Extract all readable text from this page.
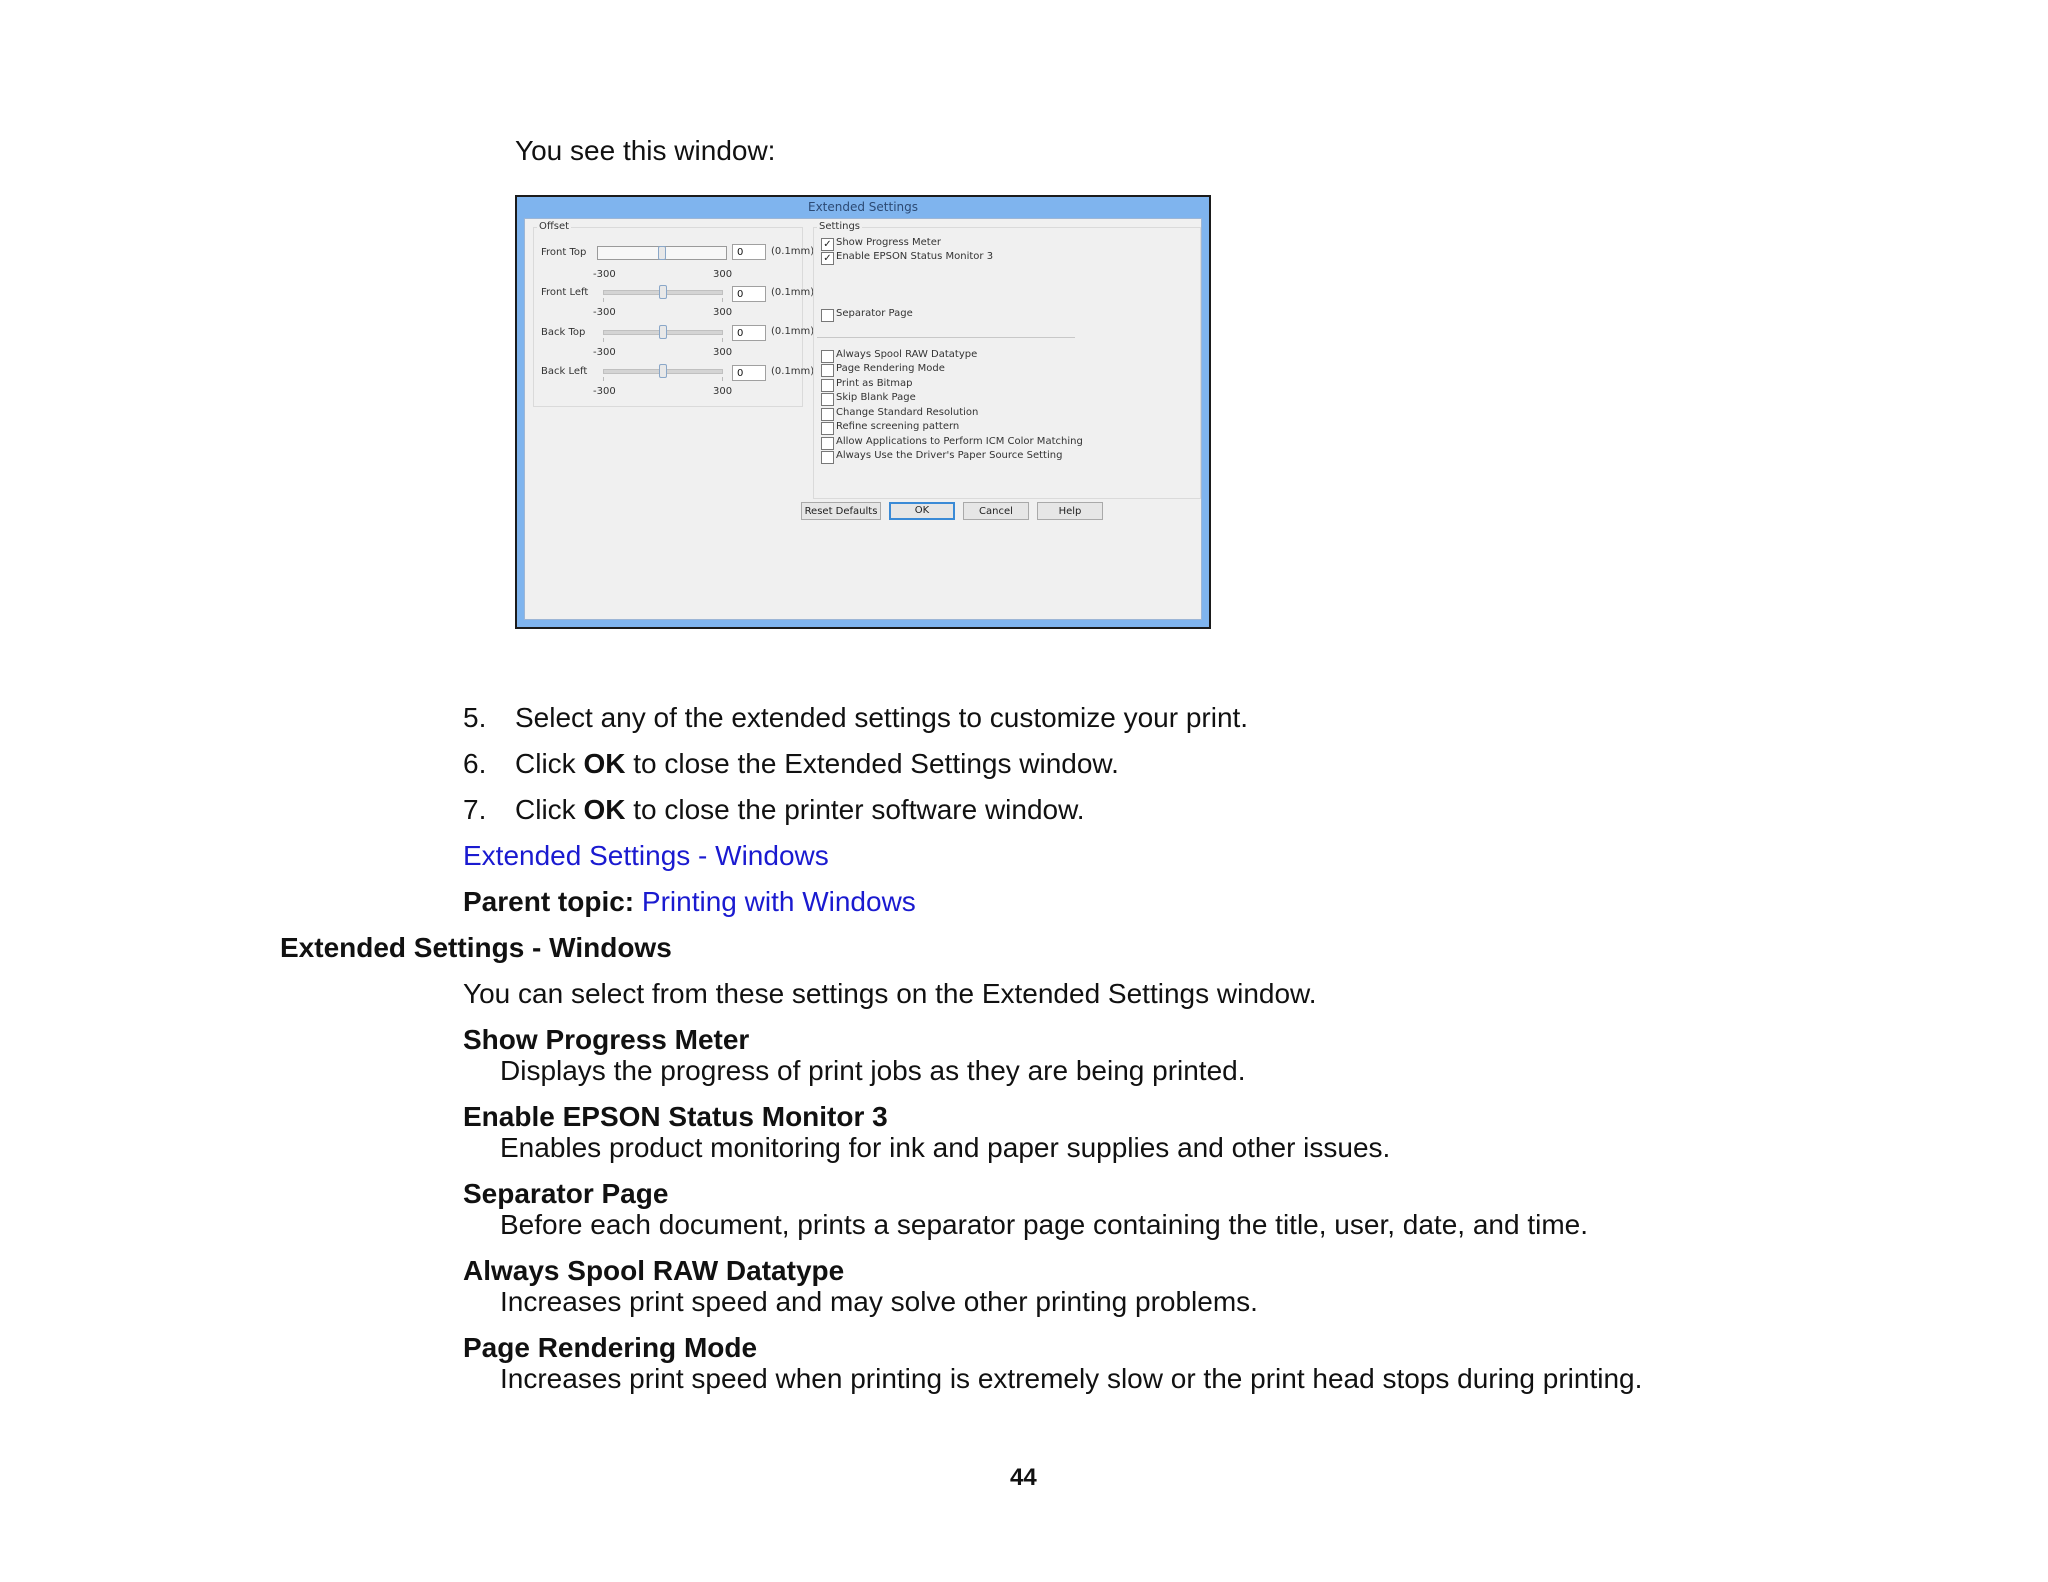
You see this window:
Extended Settings
Offset
Front Top	0	(0.1mm)
-300	300
Front Left	0	(0.1mm)
-300	300
Back Top	0	(0.1mm)
-300	300
Back Left	0	(0.1mm)
-300	300
Settings
✓ Show Progress Meter
✓ Enable EPSON Status Monitor 3
Separator Page
Always Spool RAW Datatype
Page Rendering Mode
Print as Bitmap
Skip Blank Page
Change Standard Resolution
Refine screening pattern
Allow Applications to Perform ICM Color Matching
Always Use the Driver's Paper Source Setting
Reset Defaults	OK	Cancel	Help
5. Select any of the extended settings to customize your print.
6. Click OK to close the Extended Settings window.
7. Click OK to close the printer software window.
Extended Settings - Windows
Parent topic: Printing with Windows
Extended Settings - Windows
You can select from these settings on the Extended Settings window.
Show Progress Meter
Displays the progress of print jobs as they are being printed.
Enable EPSON Status Monitor 3
Enables product monitoring for ink and paper supplies and other issues.
Separator Page
Before each document, prints a separator page containing the title, user, date, and time.
Always Spool RAW Datatype
Increases print speed and may solve other printing problems.
Page Rendering Mode
Increases print speed when printing is extremely slow or the print head stops during printing.
44
